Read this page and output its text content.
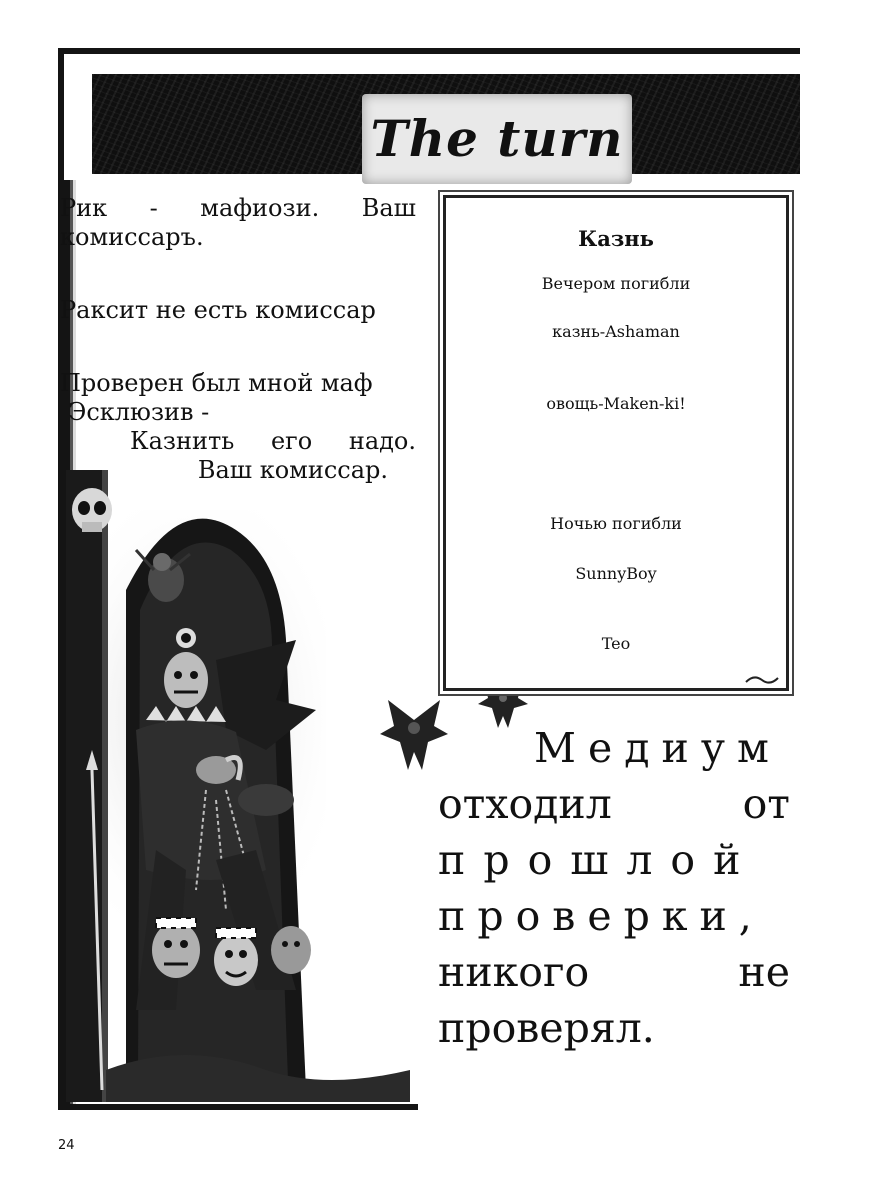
The turn

Рик - мафиози. Ваш

комиссаръ.

Раксит не есть комиссар

Проверен был мной маф

Эсклюзив -

Казнить его надо.

Ваш комиссар.

Казнь
Вечером погибли
казнь-Ashaman
овощь-Maken-ki!
Ночью погибли
SunnyBoy
Teo

Медиум

отходил	от

прошлой

проверки,

никого	не

проверял.

24
